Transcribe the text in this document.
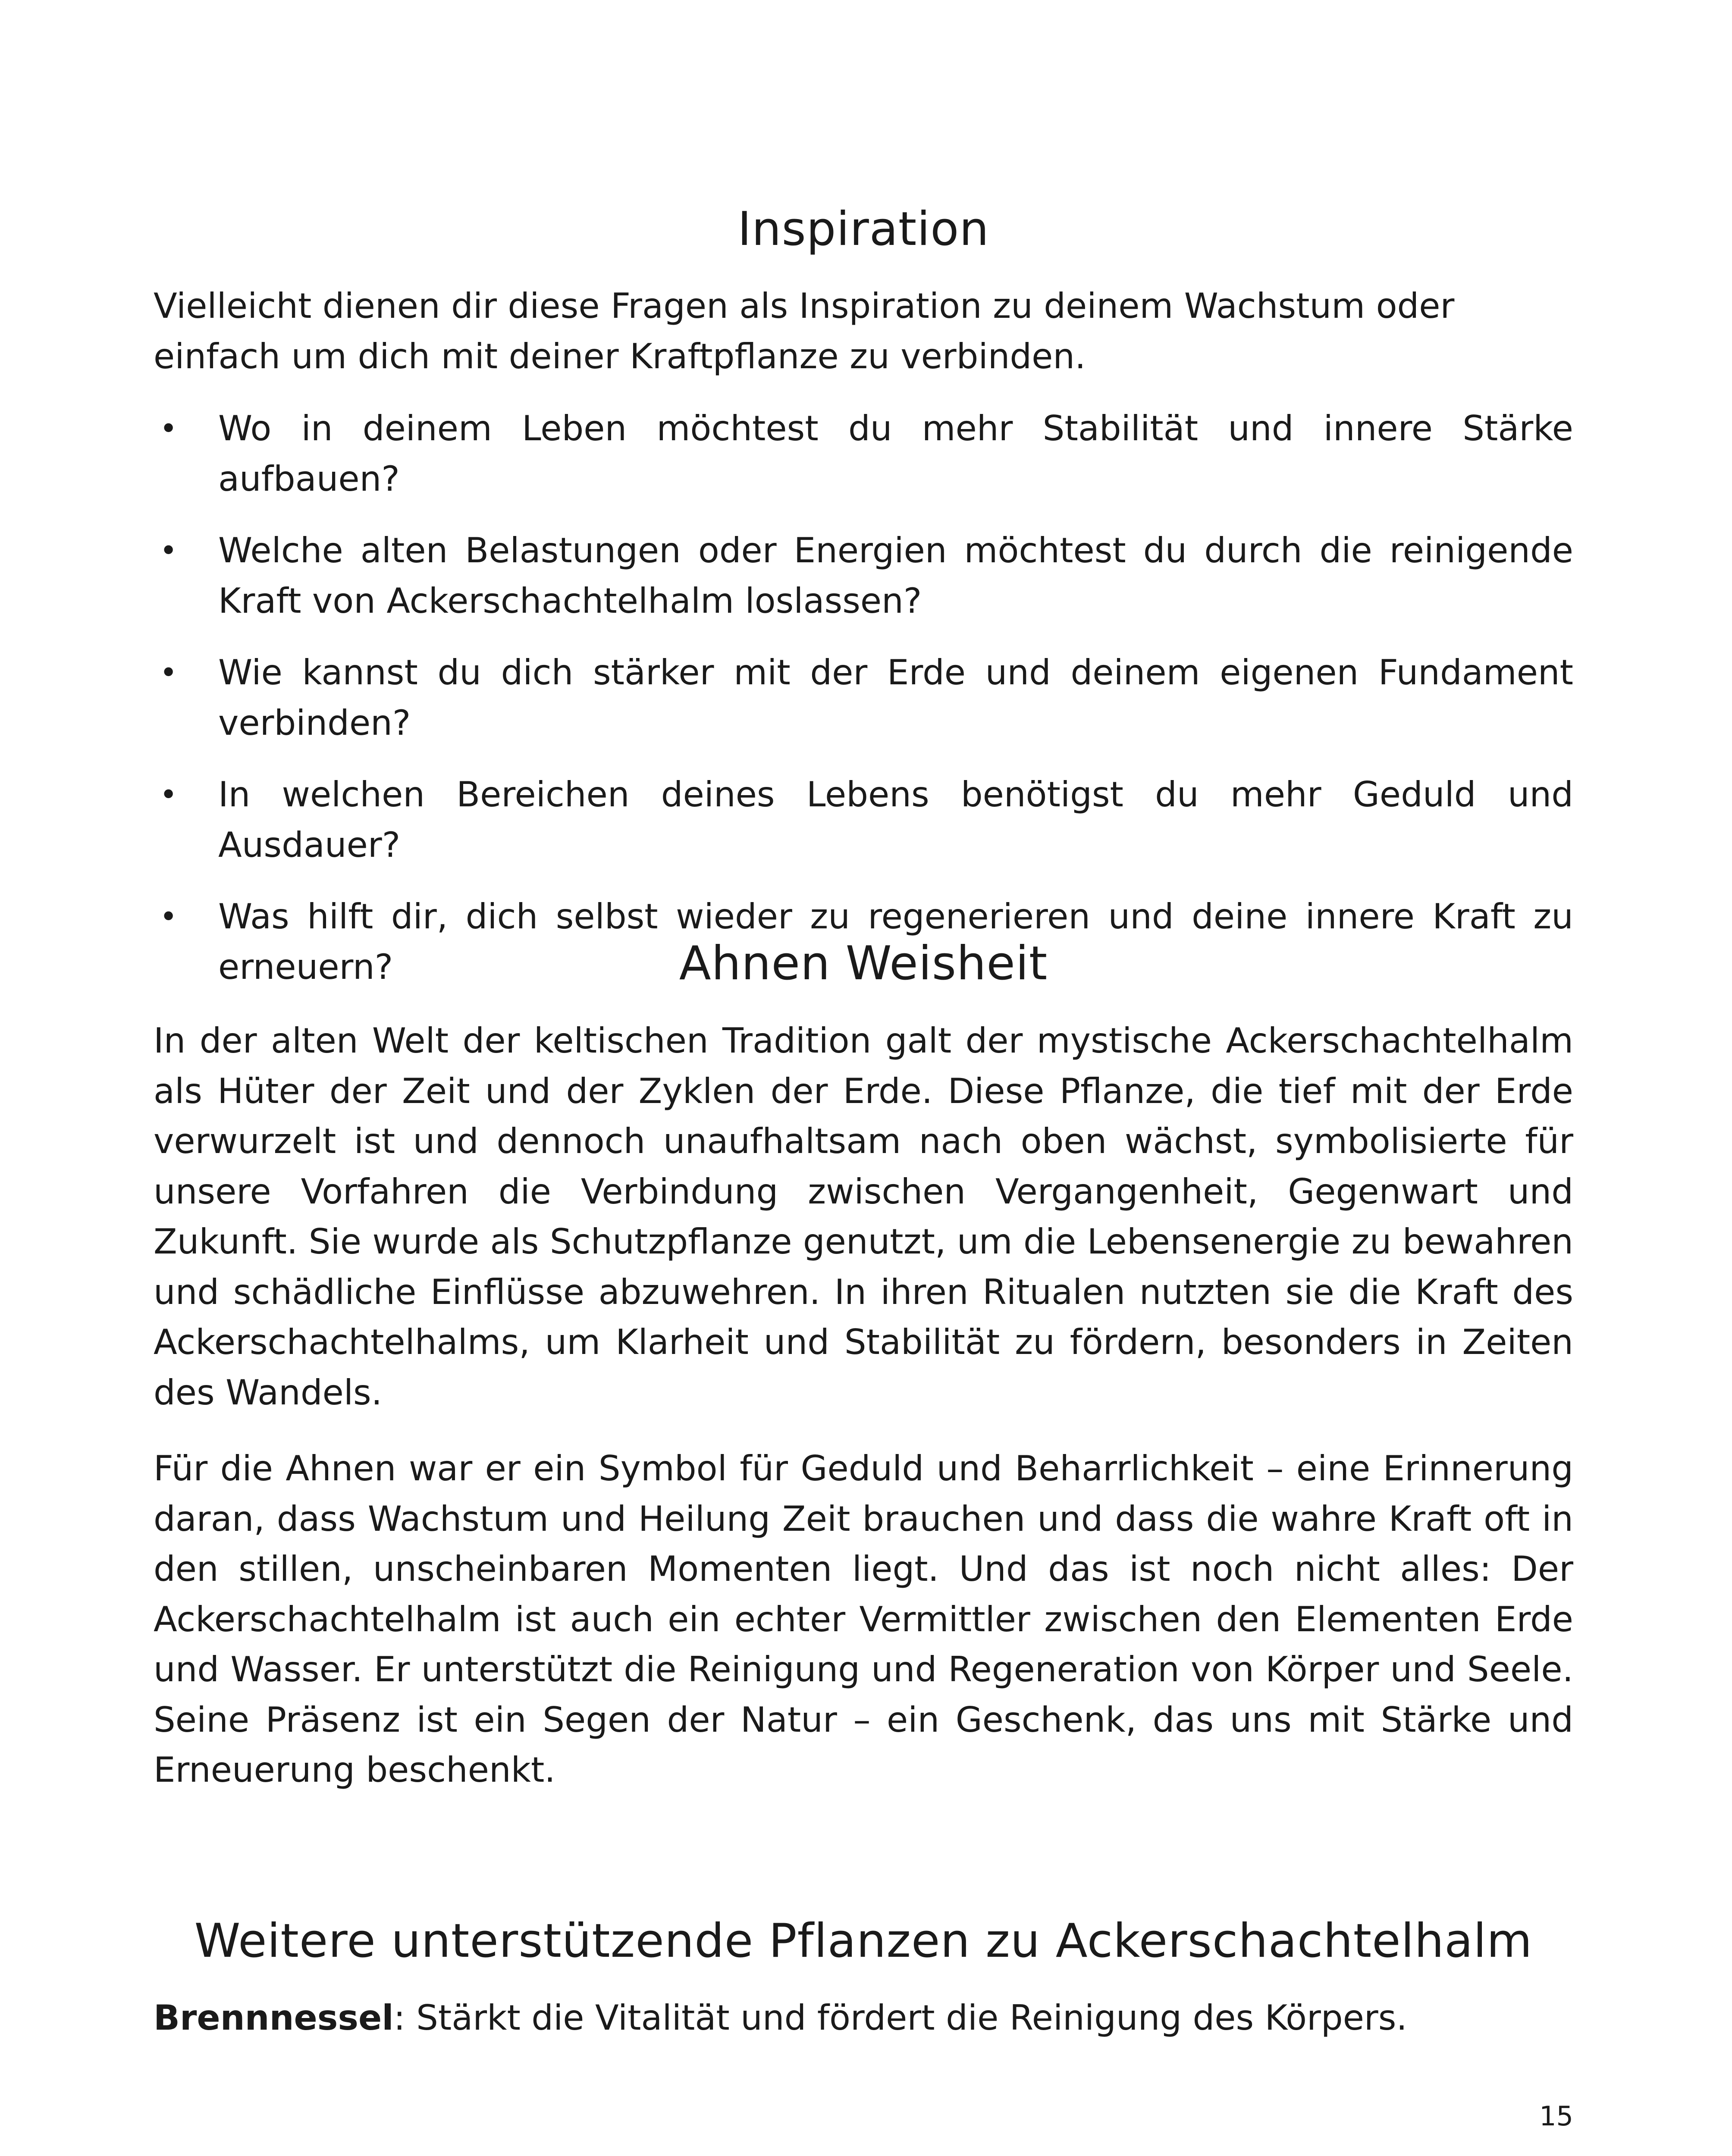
Inspiration

Vielleicht dienen dir diese Fragen als Inspiration zu deinem Wachstum oder einfach um dich mit deiner Kraftpflanze zu verbinden.

• Wo in deinem Leben möchtest du mehr Stabilität und innere Stärke aufbauen?
• Welche alten Belastungen oder Energien möchtest du durch die reinigende Kraft von Ackerschachtelhalm loslassen?
• Wie kannst du dich stärker mit der Erde und deinem eigenen Fundament verbinden?
• In welchen Bereichen deines Lebens benötigst du mehr Geduld und Ausdauer?
• Was hilft dir, dich selbst wieder zu regenerieren und deine innere Kraft zu erneuern?	Ahnen Weisheit

In der alten Welt der keltischen Tradition galt der mystische Ackerschachtelhalm als Hüter der Zeit und der Zyklen der Erde. Diese Pflanze, die tief mit der Erde verwurzelt ist und dennoch unaufhaltsam nach oben wächst, symbolisierte für unsere Vorfahren die Verbindung zwischen Vergangenheit, Gegenwart und Zukunft. Sie wurde als Schutzpflanze genutzt, um die Lebensenergie zu bewahren und schädliche Einflüsse abzuwehren. In ihren Ritualen nutzten sie die Kraft des Ackerschachtelhalms, um Klarheit und Stabilität zu fördern, besonders in Zeiten des Wandels.

Für die Ahnen war er ein Symbol für Geduld und Beharrlichkeit – eine Erinnerung daran, dass Wachstum und Heilung Zeit brauchen und dass die wahre Kraft oft in den stillen, unscheinbaren Momenten liegt. Und das ist noch nicht alles: Der Ackerschachtelhalm ist auch ein echter Vermittler zwischen den Elementen Erde und Wasser. Er unterstützt die Reinigung und Regeneration von Körper und Seele. Seine Präsenz ist ein Segen der Natur – ein Geschenk, das uns mit Stärke und Erneuerung beschenkt.

Weitere unterstützende Pflanzen zu Ackerschachtelhalm

Brennnessel: Stärkt die Vitalität und fördert die Reinigung des Körpers.

15
